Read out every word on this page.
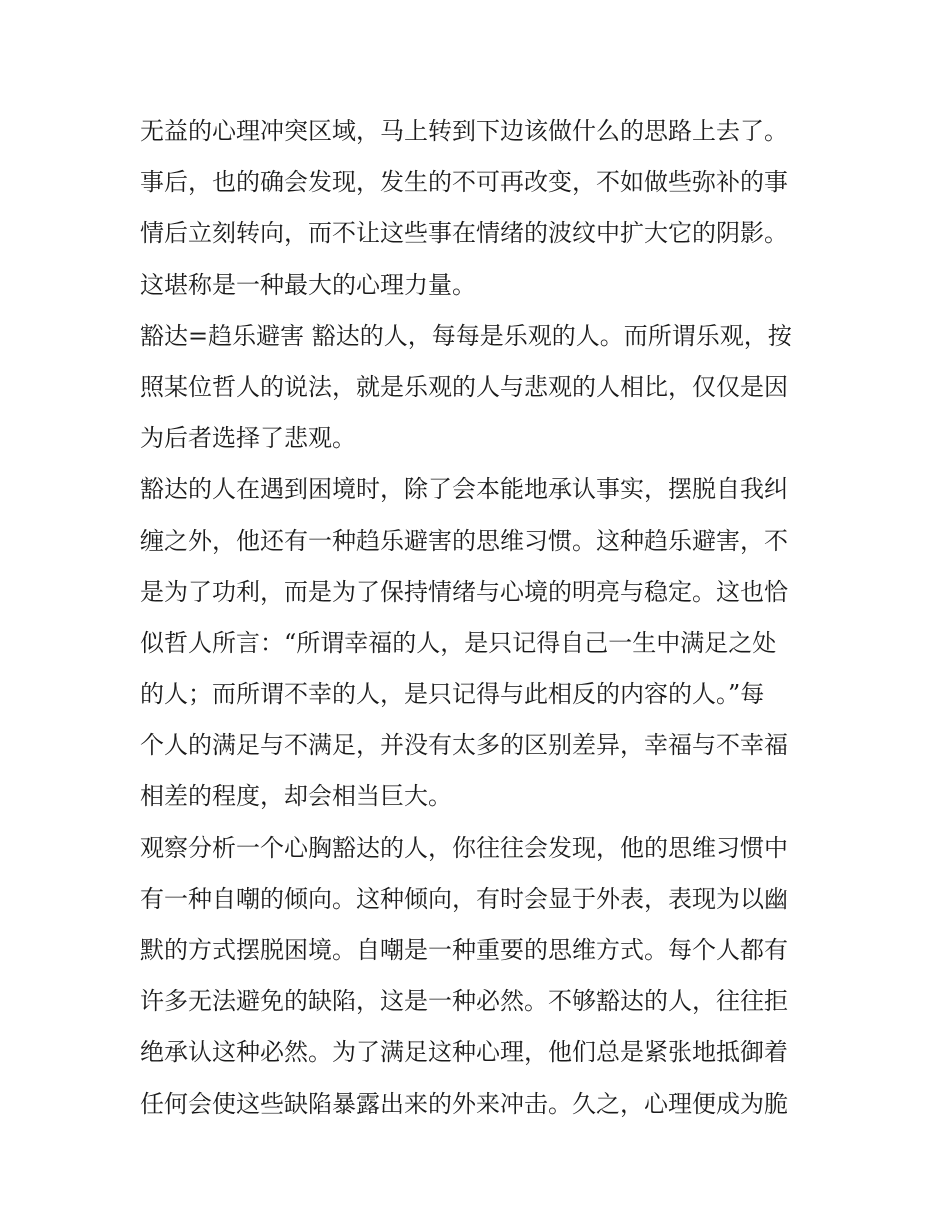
无益的心理冲突区域，马上转到下边该做什么的思路上去了。
事后，也的确会发现，发生的不可再改变，不如做些弥补的事
情后立刻转向，而不让这些事在情绪的波纹中扩大它的阴影。
这堪称是一种最大的心理力量。
豁达=趋乐避害 豁达的人，每每是乐观的人。而所谓乐观，按
照某位哲人的说法，就是乐观的人与悲观的人相比，仅仅是因
为后者选择了悲观。
豁达的人在遇到困境时，除了会本能地承认事实，摆脱自我纠
缠之外，他还有一种趋乐避害的思维习惯。这种趋乐避害，不
是为了功利，而是为了保持情绪与心境的明亮与稳定。这也恰
似哲人所言：“所谓幸福的人，是只记得自己一生中满足之处
的人；而所谓不幸的人，是只记得与此相反的内容的人。”每
个人的满足与不满足，并没有太多的区别差异，幸福与不幸福
相差的程度，却会相当巨大。
观察分析一个心胸豁达的人，你往往会发现，他的思维习惯中
有一种自嘲的倾向。这种倾向，有时会显于外表，表现为以幽
默的方式摆脱困境。自嘲是一种重要的思维方式。每个人都有
许多无法避免的缺陷，这是一种必然。不够豁达的人，往往拒
绝承认这种必然。为了满足这种心理，他们总是紧张地抵御着
任何会使这些缺陷暴露出来的外来冲击。久之，心理便成为脆
